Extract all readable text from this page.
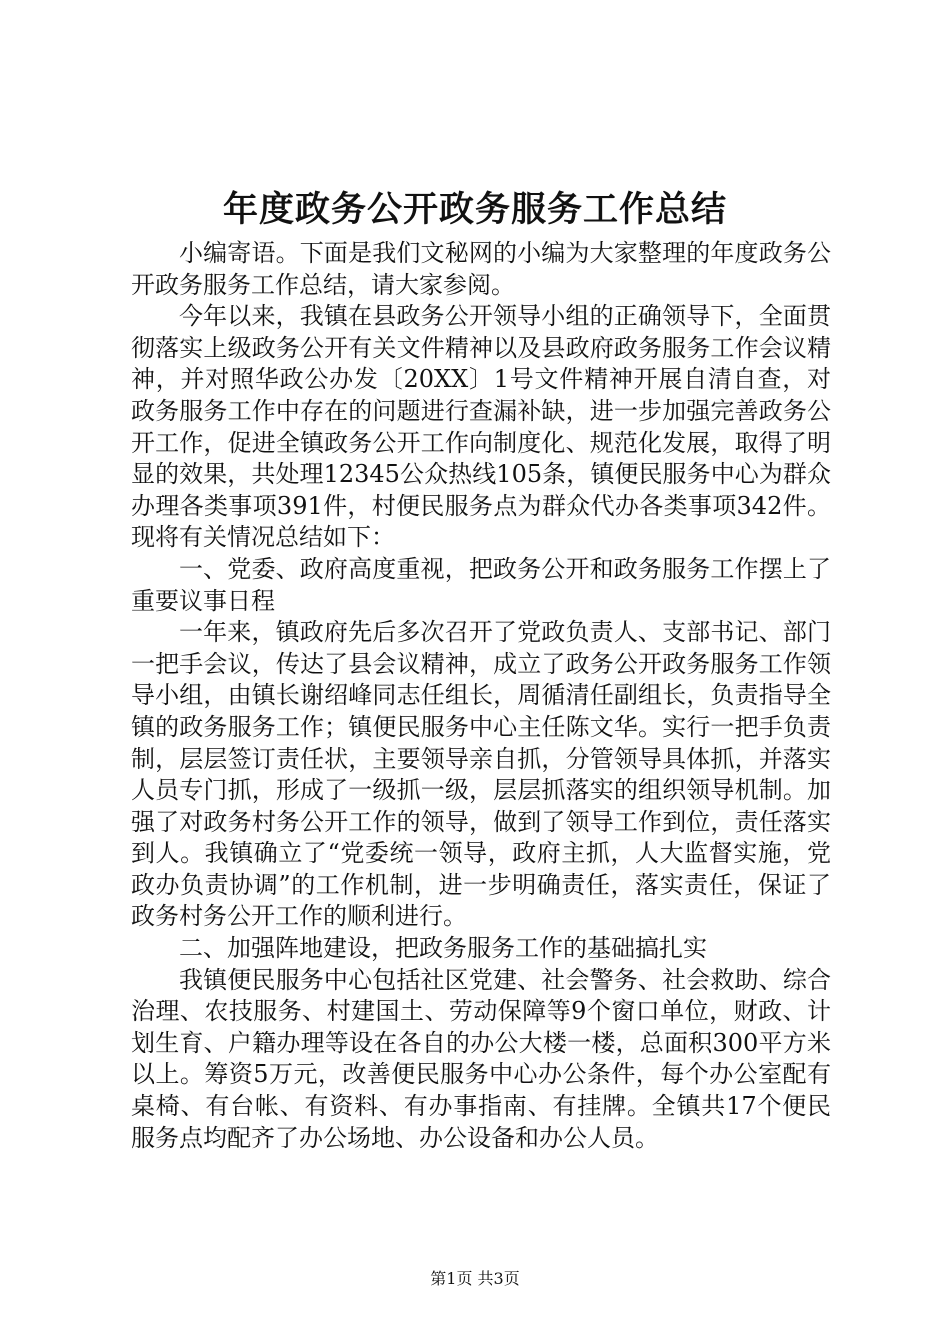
年度政务公开政务服务工作总结

小编寄语。下面是我们文秘网的小编为大家整理的年度政务公开政务服务工作总结，请大家参阅。

今年以来，我镇在县政务公开领导小组的正确领导下，全面贯彻落实上级政务公开有关文件精神以及县政府政务服务工作会议精神，并对照华政公办发〔20XX〕1号文件精神开展自清自查，对政务服务工作中存在的问题进行查漏补缺，进一步加强完善政务公开工作，促进全镇政务公开工作向制度化、规范化发展，取得了明显的效果，共处理12345公众热线105条，镇便民服务中心为群众办理各类事项391件，村便民服务点为群众代办各类事项342件。现将有关情况总结如下：

一、党委、政府高度重视，把政务公开和政务服务工作摆上了重要议事日程

一年来，镇政府先后多次召开了党政负责人、支部书记、部门一把手会议，传达了县会议精神，成立了政务公开政务服务工作领导小组，由镇长谢绍峰同志任组长，周循清任副组长，负责指导全镇的政务服务工作；镇便民服务中心主任陈文华。实行一把手负责制，层层签订责任状，主要领导亲自抓，分管领导具体抓，并落实人员专门抓，形成了一级抓一级，层层抓落实的组织领导机制。加强了对政务村务公开工作的领导，做到了领导工作到位，责任落实到人。我镇确立了“党委统一领导，政府主抓，人大监督实施，党政办负责协调”的工作机制，进一步明确责任，落实责任，保证了政务村务公开工作的顺利进行。

二、加强阵地建设，把政务服务工作的基础搞扎实

我镇便民服务中心包括社区党建、社会警务、社会救助、综合治理、农技服务、村建国土、劳动保障等9个窗口单位，财政、计划生育、户籍办理等设在各自的办公大楼一楼，总面积300平方米以上。筹资5万元，改善便民服务中心办公条件，每个办公室配有桌椅、有台帐、有资料、有办事指南、有挂牌。全镇共17个便民服务点均配齐了办公场地、办公设备和办公人员。

第1页 共3页
